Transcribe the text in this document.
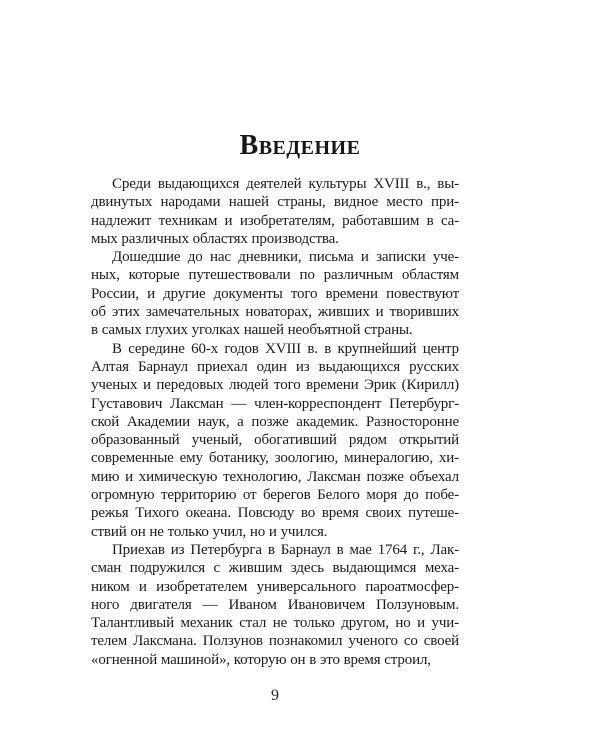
Введение
Среди выдающихся деятелей культуры XVIII в., вы-
двинутых народами нашей страны, видное место при-
надлежит техникам и изобретателям, работавшим в са-
мых различных областях производства.
Дошедшие до нас дневники, письма и записки уче-
ных, которые путешествовали по различным областям
России, и другие документы того времени повествуют
об этих замечательных новаторах, живших и творивших
в самых глухих уголках нашей необъятной страны.
В середине 60-х годов XVIII в. в крупнейший центр
Алтая Барнаул приехал один из выдающихся русских
ученых и передовых людей того времени Эрик (Кирилл)
Густавович Лаксман — член-корреспондент Петербург-
ской Академии наук, а позже академик. Разносторонне
образованный ученый, обогативший рядом открытий
современные ему ботанику, зоологию, минералогию, хи-
мию и химическую технологию, Лаксман позже объехал
огромную территорию от берегов Белого моря до побе-
режья Тихого океана. Повсюду во время своих путеше-
ствий он не только учил, но и учился.
Приехав из Петербурга в Барнаул в мае 1764 г., Лак-
сман подружился с жившим здесь выдающимся меха-
ником и изобретателем универсального пароатмосфер-
ного двигателя — Иваном Ивановичем Ползуновым.
Талантливый механик стал не только другом, но и учи-
телем Лаксмана. Ползунов познакомил ученого со своей
«огненной машиной», которую он в это время строил,
9
